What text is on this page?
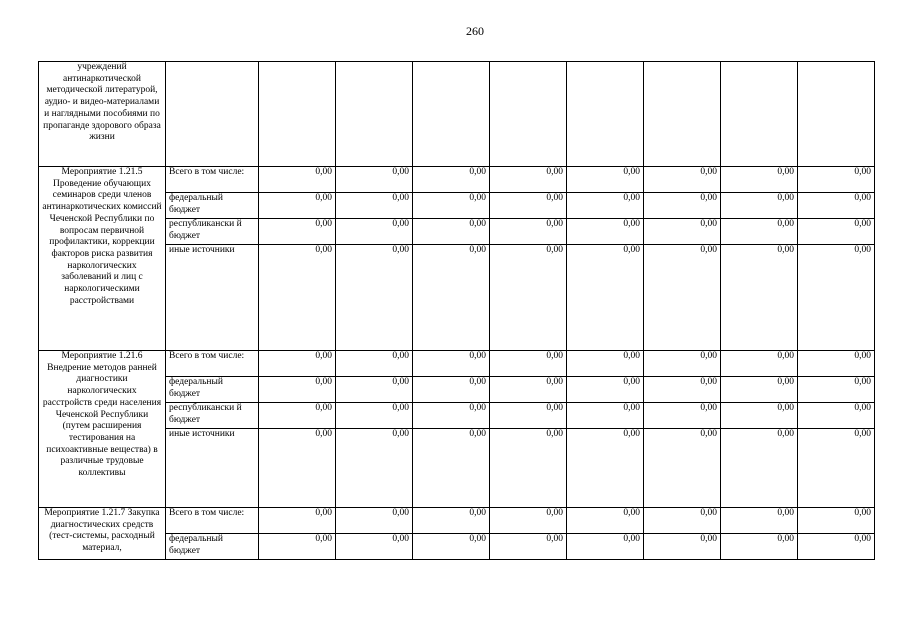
260
учреждений антинаркотической методической литературой, аудио- и видео-материалами и наглядными пособиями по пропаганде здорового образа жизни									
Мероприятие 1.21.5 Проведение обучающих семинаров среди членов антинаркотических комиссий Чеченской Республики по вопросам первичной профилактики, коррекции факторов риска развития наркологических заболеваний и лиц с наркологическими расстройствами	Всего в том числе:	0,00	0,00	0,00	0,00	0,00	0,00	0,00	0,00
	федеральный бюджет	0,00	0,00	0,00	0,00	0,00	0,00	0,00	0,00
	республикански й бюджет	0,00	0,00	0,00	0,00	0,00	0,00	0,00	0,00
	иные источники	0,00	0,00	0,00	0,00	0,00	0,00	0,00	0,00
Мероприятие 1.21.6 Внедрение методов ранней диагностики наркологических расстройств среди населения Чеченской Республики (путем расширения тестирования на психоактивные вещества) в различные трудовые коллективы	Всего в том числе:	0,00	0,00	0,00	0,00	0,00	0,00	0,00	0,00
	федеральный бюджет	0,00	0,00	0,00	0,00	0,00	0,00	0,00	0,00
	республикански й бюджет	0,00	0,00	0,00	0,00	0,00	0,00	0,00	0,00
	иные источники	0,00	0,00	0,00	0,00	0,00	0,00	0,00	0,00
Мероприятие 1.21.7 Закупка диагностических средств (тест-системы, расходный материал,	Всего в том числе:	0,00	0,00	0,00	0,00	0,00	0,00	0,00	0,00
	федеральный бюджет	0,00	0,00	0,00	0,00	0,00	0,00	0,00	0,00
